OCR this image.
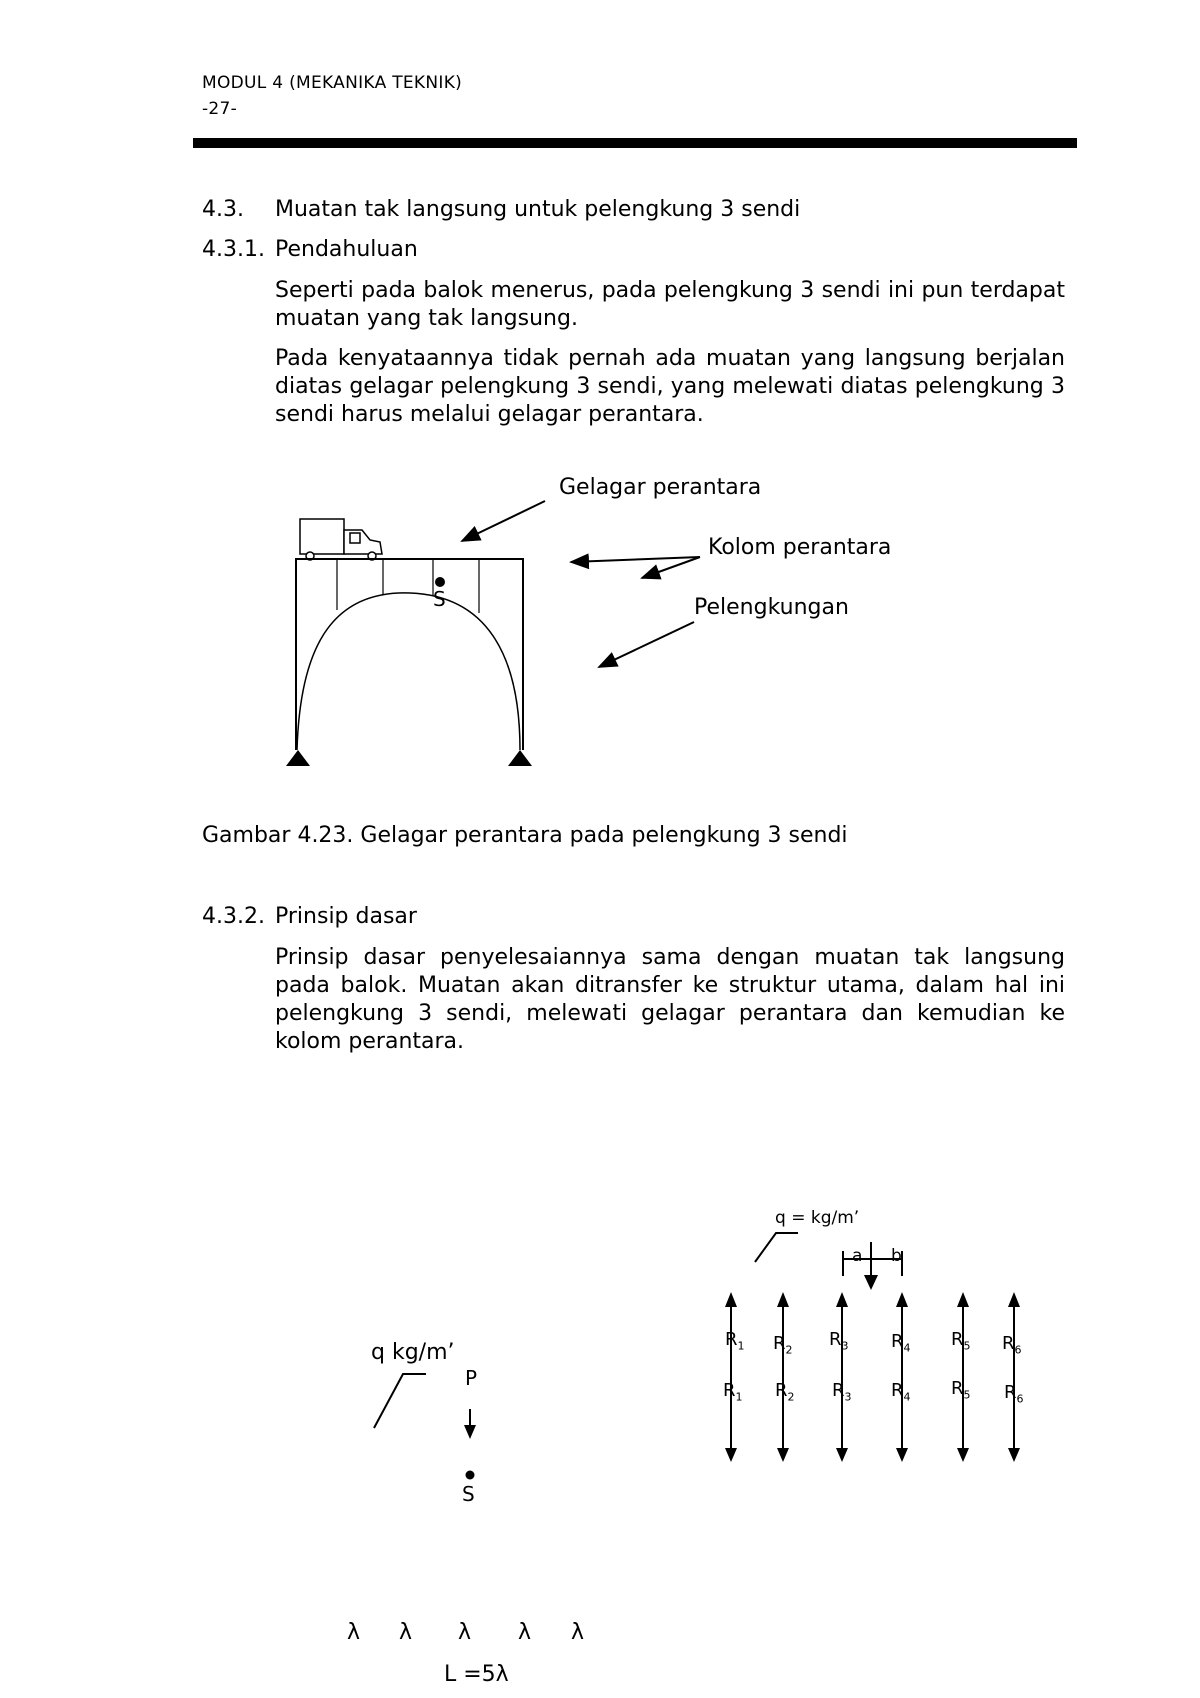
MODUL 4 (MEKANIKA TEKNIK)
-27-
4.3. Muatan tak langsung untuk pelengkung 3 sendi
4.3.1. Pendahuluan
Seperti pada balok menerus, pada pelengkung 3 sendi ini pun terdapat muatan yang tak langsung.
Pada kenyataannya tidak pernah ada muatan yang langsung berjalan diatas gelagar pelengkung 3 sendi, yang melewati diatas pelengkung 3 sendi harus melalui gelagar perantara.
S
Gelagar perantara
Kolom perantara
Pelengkungan
Gambar 4.23. Gelagar perantara pada pelengkung 3 sendi
4.3.2. Prinsip dasar
Prinsip dasar penyelesaiannya sama dengan muatan tak langsung pada balok. Muatan akan ditransfer ke struktur utama, dalam hal ini pelengkung 3 sendi, melewati gelagar perantara dan kemudian ke kolom perantara.
q kg/m’
P
S
q = kg/m’
a b
$R_1$ $R_2$
$R_3$ $R_4$ $R_5$ $R_6$
$R_1$ $R_2$ $R_3$ $R_4$ $R_5$ $R_6$
λ λ λ λ λ
L =5λ
